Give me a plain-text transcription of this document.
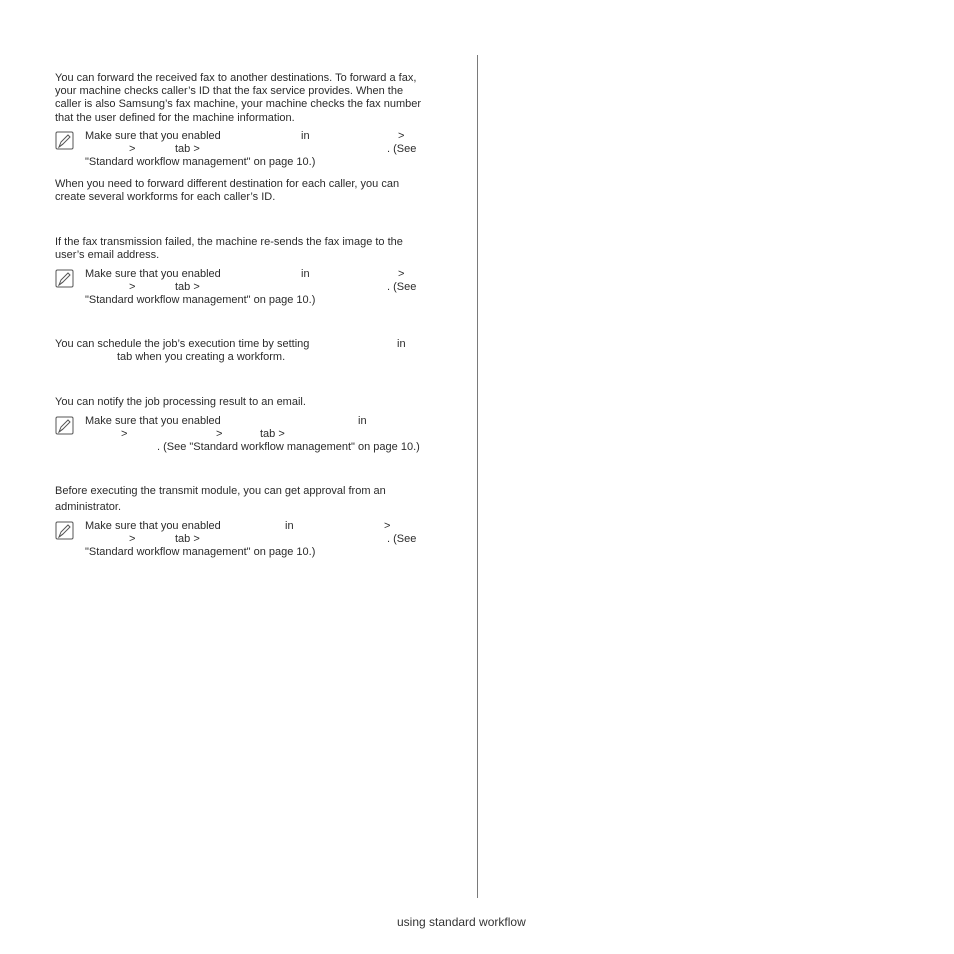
You can forward the received fax to another destinations. To forward a fax,
your machine checks caller’s ID that the fax service provides. When the
caller is also Samsung’s fax machine, your machine checks the fax number
that the user defined for the machine information.
Make sure that you enabled	in	>
>	tab >	. (See
"Standard workflow management" on page 10.)
When you need to forward different destination for each caller, you can
create several workforms for each caller’s ID.
If the fax transmission failed, the machine re-sends the fax image to the
user’s email address.
Make sure that you enabled	in	>
>	tab >	. (See
"Standard workflow management" on page 10.)
You can schedule the job’s execution time by setting	in
tab when you creating a workform.
You can notify the job processing result to an email.
Make sure that you enabled	in
>	>	tab >
. (See "Standard workflow management" on page 10.)
Before executing the transmit module, you can get approval from an
administrator.
Make sure that you enabled	in	>
>	tab >	. (See
"Standard workflow management" on page 10.)
using standard workflow
